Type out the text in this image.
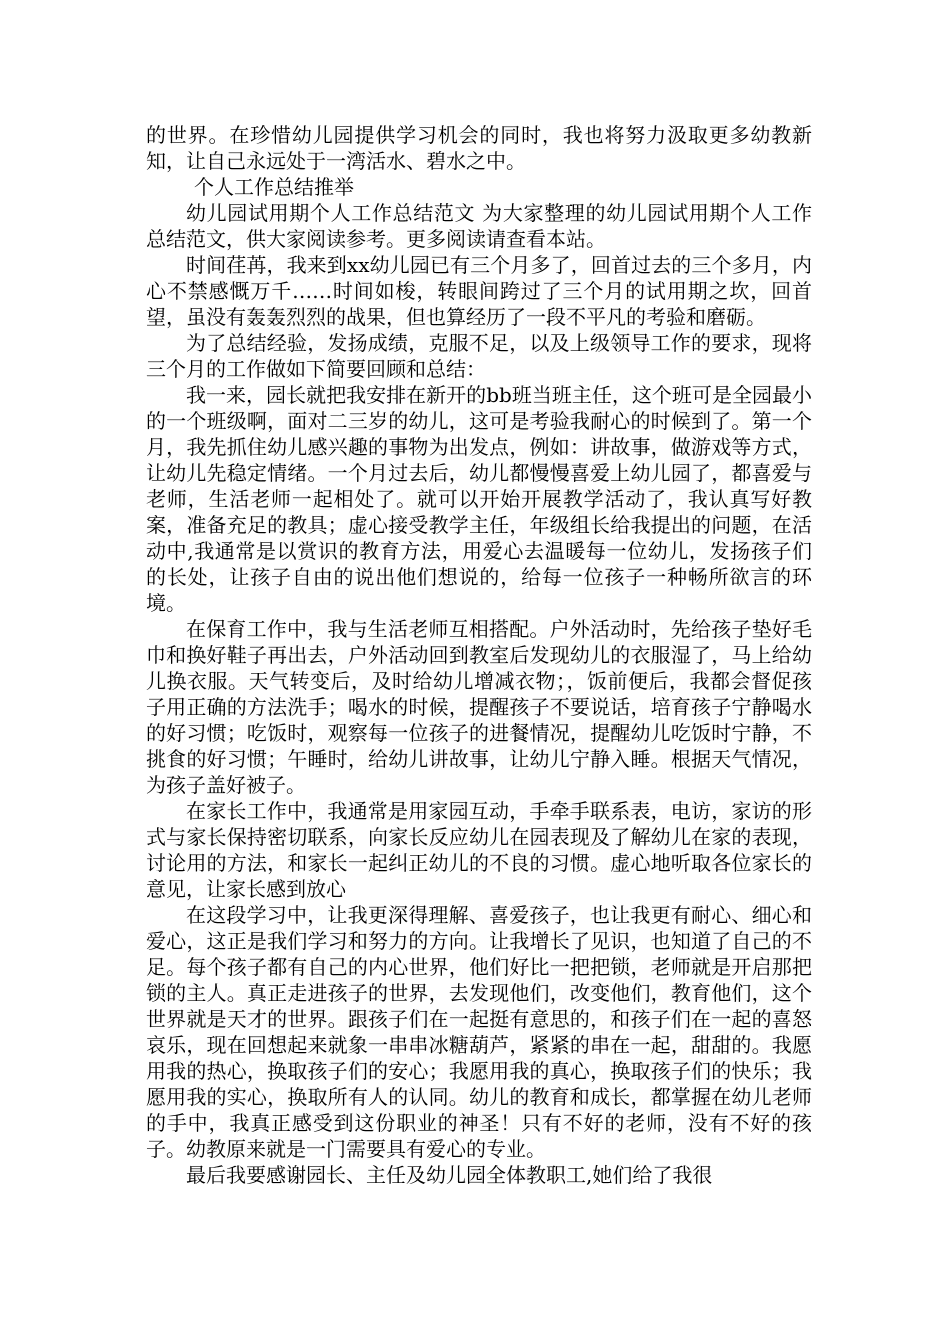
的世界。在珍惜幼儿园提供学习机会的同时，我也将努力汲取更多幼教新知，让自己永远处于一湾活水、碧水之中。

个人工作总结推举

幼儿园试用期个人工作总结范文 为大家整理的幼儿园试用期个人工作总结范文，供大家阅读参考。更多阅读请查看本站。

时间荏苒，我来到xx幼儿园已有三个月多了，回首过去的三个多月，内心不禁感慨万千……时间如梭，转眼间跨过了三个月的试用期之坎，回首望，虽没有轰轰烈烈的战果，但也算经历了一段不平凡的考验和磨砺。

为了总结经验，发扬成绩，克服不足，以及上级领导工作的要求，现将三个月的工作做如下简要回顾和总结：

我一来，园长就把我安排在新开的bb班当班主任，这个班可是全园最小的一个班级啊，面对二三岁的幼儿，这可是考验我耐心的时候到了。第一个月，我先抓住幼儿感兴趣的事物为出发点，例如：讲故事，做游戏等方式，让幼儿先稳定情绪。一个月过去后，幼儿都慢慢喜爱上幼儿园了，都喜爱与老师，生活老师一起相处了。就可以开始开展教学活动了，我认真写好教案，准备充足的教具；虚心接受教学主任，年级组长给我提出的问题，在活动中,我通常是以赏识的教育方法，用爱心去温暖每一位幼儿，发扬孩子们的长处，让孩子自由的说出他们想说的，给每一位孩子一种畅所欲言的环境。

在保育工作中，我与生活老师互相搭配。户外活动时，先给孩子垫好毛巾和换好鞋子再出去，户外活动回到教室后发现幼儿的衣服湿了，马上给幼儿换衣服。天气转变后，及时给幼儿增减衣物；，饭前便后，我都会督促孩子用正确的方法洗手；喝水的时候，提醒孩子不要说话，培育孩子宁静喝水的好习惯；吃饭时，观察每一位孩子的进餐情况，提醒幼儿吃饭时宁静，不挑食的好习惯；午睡时，给幼儿讲故事，让幼儿宁静入睡。根据天气情况，为孩子盖好被子。

在家长工作中，我通常是用家园互动，手牵手联系表，电访，家访的形式与家长保持密切联系，向家长反应幼儿在园表现及了解幼儿在家的表现，讨论用的方法，和家长一起纠正幼儿的不良的习惯。虚心地听取各位家长的意见，让家长感到放心

在这段学习中，让我更深得理解、喜爱孩子，也让我更有耐心、细心和爱心，这正是我们学习和努力的方向。让我增长了见识，也知道了自己的不足。每个孩子都有自己的内心世界，他们好比一把把锁，老师就是开启那把锁的主人。真正走进孩子的世界，去发现他们，改变他们，教育他们，这个世界就是天才的世界。跟孩子们在一起挺有意思的，和孩子们在一起的喜怒哀乐，现在回想起来就象一串串冰糖葫芦，紧紧的串在一起，甜甜的。我愿用我的热心，换取孩子们的安心；我愿用我的真心，换取孩子们的快乐；我愿用我的实心，换取所有人的认同。幼儿的教育和成长，都掌握在幼儿老师的手中，我真正感受到这份职业的神圣！只有不好的老师，没有不好的孩子。幼教原来就是一门需要具有爱心的专业。

最后我要感谢园长、主任及幼儿园全体教职工,她们给了我很
